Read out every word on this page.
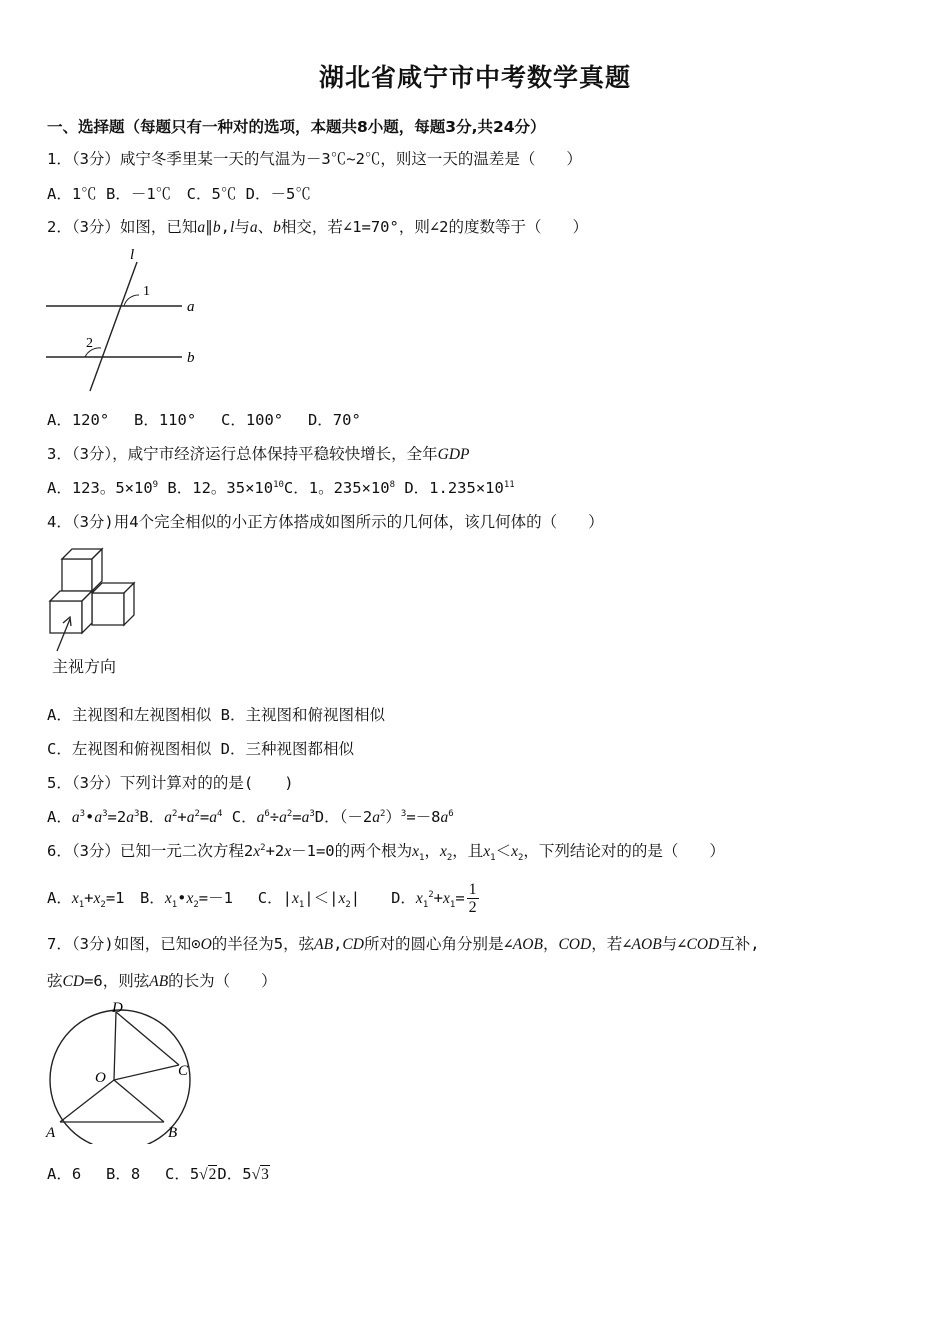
湖北省咸宁市中考数学真题
一、选择题（每题只有一种对的选项，本题共8小题，每题3分,共24分）
1．（3分）咸宁冬季里某一天的气温为－3℃~2℃，则这一天的温差是（　　）
A．1℃ B．－1℃　C．5℃ D．－5℃
2．（3分）如图，已知a∥b,l与a、b相交，若∠1=70°，则∠2的度数等于（　　）
l
1
2
a
b
A．120°　 B．110°　 C．100°　 D．70°
3．（3分），咸宁市经济运行总体保持平稳较快增长，全年GDP
A．123。$5\times 10^9$ B．12。$35\times 10^{10}C$．1。$235\times 10^8$ D．$1.235\times 10^{11}$
4．（3分)用4个完全相似的小正方体搭成如图所示的几何体，该几何体的（　　）
主视方向
A．主视图和左视图相似 B．主视图和俯视图相似
C．左视图和俯视图相似 D．三种视图都相似
5．（3分）下列计算对的的是(　　)
A．$a^3•a^3=2a^3B$．$a^2+a^2=a^4$ C．$a^6\div a^2=a^3D$．$(-2a^2)^3=-8a^6$
6．（3分）已知一元二次方程$2x^2+2x-1=0$的两个根为$x_1$，$x_2$，且$x_1<x_2$，下列结论对的的是（　　）
A．$x_1+x_2=1$　B．$x_1•x_2=-1$　 C．$|x_1|<|x_2|$　　D．$x_1^2+x_1= \frac{1}{2}$
7．（3分)如图，已知⊙O的半径为5，弦AB,CD所对的圆心角分别是∠AOB，COD，若∠AOB与∠COD互补,
弦CD=6，则弦AB的长为（　　）
D
C
O
A	B
A．6　 B．8　 C．5√2D．5√3
